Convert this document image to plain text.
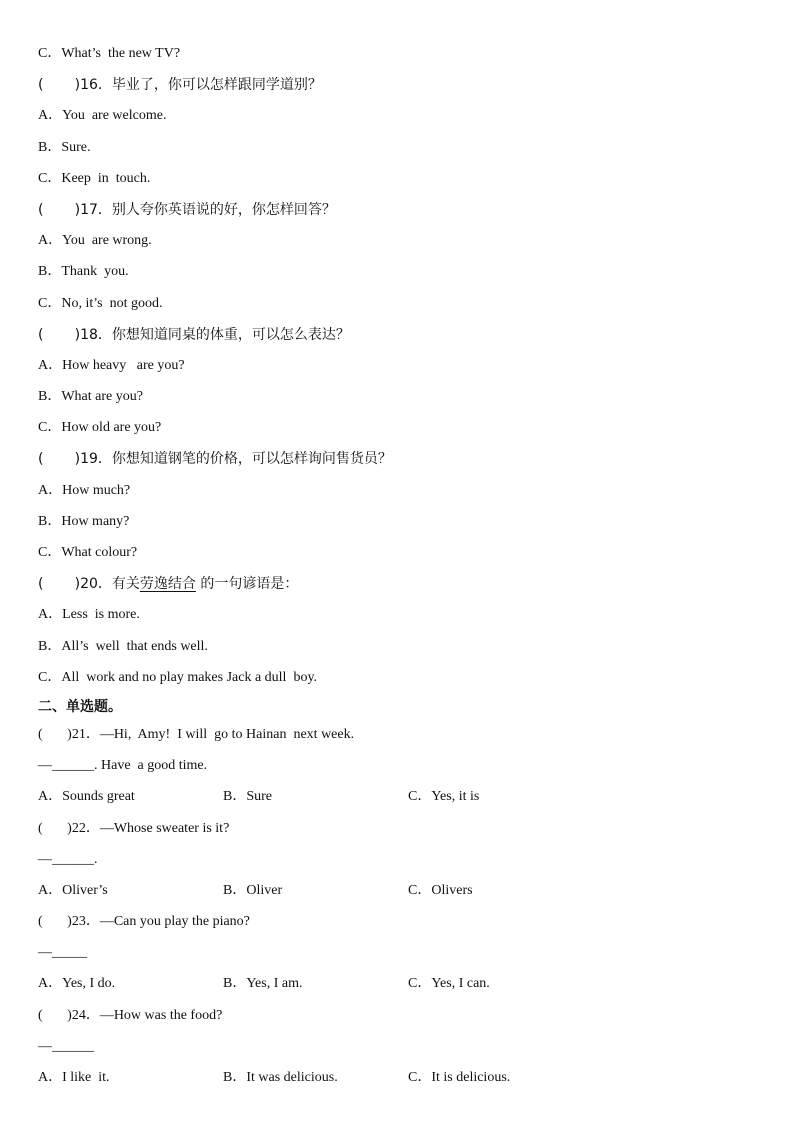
C．What’s  the new TV?
(       )16．毕业了，你可以怎样跟同学道别？
A．You  are welcome.
B．Sure.
C．Keep  in  touch.
(       )17．别人夸你英语说的好，你怎样回答？
A．You  are wrong.
B．Thank  you.
C．No, it’s  not good.
(       )18．你想知道同桌的体重，可以怎么表达？
A．How heavy   are you?
B．What are you?
C．How old are you?
(       )19．你想知道钢笔的价格，可以怎样询问售货员？
A．How much?
B．How many?
C．What colour?
(       )20．有关 劳逸结合 的一句谚语是：
A．Less  is more.
B．All’s  well  that ends well.
C．All  work and no play makes Jack a dull  boy.
二、单选题。
(       )21．—Hi,  Amy!  I will  go to Hainan  next week.
—______. Have  a good time.
A．Sounds great	B．Sure	C．Yes, it is
(       )22．—Whose sweater is it?
—______.
A．Oliver’s	B．Oliver	C．Olivers
(       )23．—Can you play the piano?
—_____
A．Yes, I do.	B．Yes, I am.	C．Yes, I can.
(       )24．—How was the food?
—______
A．I like  it.	B．It was delicious.	C．It is delicious.
